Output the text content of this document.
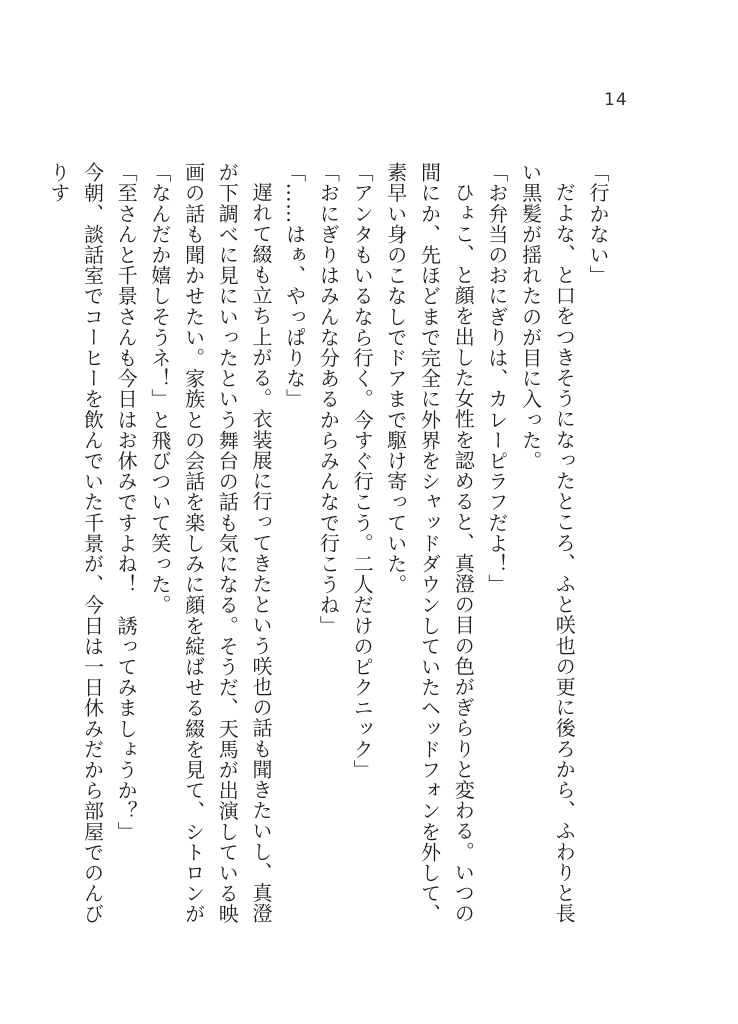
14

「行かない」

だよな、と口をつきそうになったところ、ふと咲也の更に後ろから、ふわりと長い黒髪が揺れたのが目に入った。

「お弁当のおにぎりは、カレーピラフだよ！」

ひょこ、と顔を出した女性を認めると、真澄の目の色がぎらりと変わる。いつの間にか、先ほどまで完全に外界をシャッドダウンしていたヘッドフォンを外して、素早い身のこなしでドアまで駆け寄っていた。

「アンタもいるなら行く。今すぐ行こう。二人だけのピクニック」

「おにぎりはみんな分あるからみんなで行こうね」

「……はぁ、やっぱりな」

遅れて綴も立ち上がる。衣装展に行ってきたという咲也の話も聞きたいし、真澄が下調べに見にいったという舞台の話も気になる。そうだ、天馬が出演している映画の話も聞かせたい。家族との会話を楽しみに顔を綻ばせる綴を見て、シトロンが「なんだか嬉しそうネ！」と飛びついて笑った。

「至さんと千景さんも今日はお休みですよね！　誘ってみましょうか？」

今朝、談話室でコーヒーを飲んでいた千景が、今日は一日休みだから部屋でのんびりす
